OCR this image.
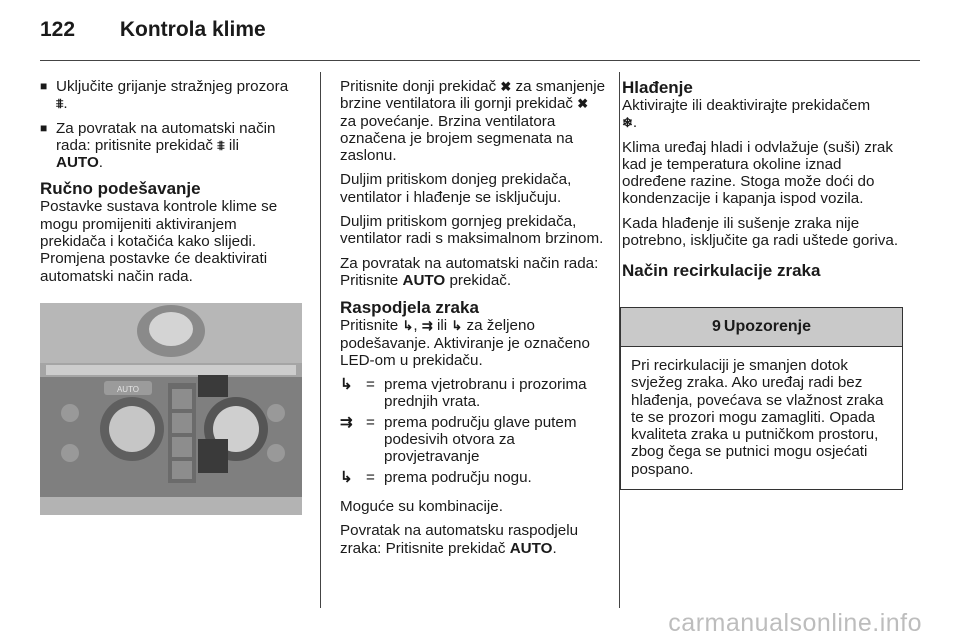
122 Kontrola klime
■ Uključite grijanje stražnjeg prozora
⩨.
■ Za povratak na automatski način rada: pritisnite prekidač ⩨ ili
AUTO.
Ručno podešavanje

Postavke sustava kontrole klime se mogu promijeniti aktiviranjem prekidača i kotačića kako slijedi. Promjena postavke će deaktivirati automatski način rada.

AUTO

Pritisnite donji prekidač ✖ za smanjenje brzine ventilatora ili gornji prekidač ✖ za povećanje. Brzina ventilatora označena je brojem segmenata na zaslonu.

Duljim pritiskom donjeg prekidača, ventilator i hlađenje se isključuju.

Duljim pritiskom gornjeg prekidača, ventilator radi s maksimalnom brzinom.

Za povratak na automatski način rada: Pritisnite AUTO prekidač.

Raspodjela zraka

Pritisnite ↳, ⇉ ili ↳ za željeno podešavanje. Aktiviranje je označeno LED-om u prekidaču.

↳ = prema vjetrobranu i prozorima prednjih vrata.
⇉ = prema području glave putem podesivih otvora za provjetravanje
↳ = prema području nogu.

Moguće su kombinacije.

Povratak na automatsku raspodjelu zraka: Pritisnite prekidač AUTO.

Hlađenje

Aktivirajte ili deaktivirajte prekidačem
❄.

Klima uređaj hladi i odvlažuje (suši) zrak kad je temperatura okoline iznad određene razine. Stoga može doći do kondenzacije i kapanja ispod vozila.

Kada hlađenje ili sušenje zraka nije potrebno, isključite ga radi uštede goriva.

Način recirkulacije zraka
9 Upozorenje
Pri recirkulaciji je smanjen dotok svježeg zraka. Ako uređaj radi bez hlađenja, povećava se vlažnost zraka te se prozori mogu zamagliti. Opada kvaliteta zraka u putničkom prostoru, zbog čega se putnici mogu osjećati pospano.
carmanualsonline.info
